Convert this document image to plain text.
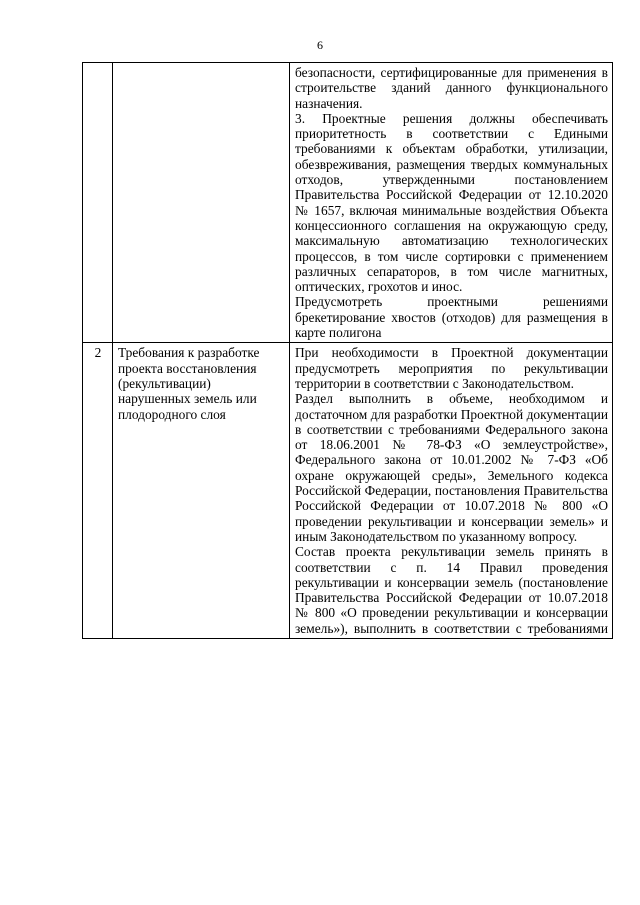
6

		безопасности, сертифицированные для применения в строительстве зданий данного функционального назначения.

3. Проектные решения должны обеспечивать приоритетность в соответствии с Едиными требованиями к объектам обработки, утилизации, обезвреживания, размещения твердых коммунальных отходов, утвержденными постановлением Правительства Российской Федерации от 12.10.2020 № 1657, включая минимальные воздействия Объекта концессионного соглашения на окружающую среду, максимальную автоматизацию технологических процессов, в том числе сортировки с применением различных сепараторов, в том числе магнитных, оптических, грохотов и инос.

Предусмотреть проектными решениями брекетирование хвостов (отходов) для размещения в карте полигона

2	Требования к разработке проекта восстановления (рекультивации) нарушенных земель или плодородного слоя	При необходимости в Проектной документации предусмотреть мероприятия по рекультивации территории в соответствии с Законодательством.

Раздел выполнить в объеме, необходимом и достаточном для разработки Проектной документации в соответствии с требованиями Федерального закона от 18.06.2001 № 78-ФЗ «О землеустройстве», Федерального закона от 10.01.2002 № 7-ФЗ «Об охране окружающей среды», Земельного кодекса Российской Федерации, постановления Правительства Российской Федерации от 10.07.2018 № 800 «О проведении рекультивации и консервации земель» и иным Законодательством по указанному вопросу.

Состав проекта рекультивации земель принять в соответствии с п. 14 Правил проведения рекультивации и консервации земель (постановление Правительства Российской Федерации от 10.07.2018 № 800 «О проведении рекультивации и консервации земель»), выполнить в соответствии с требованиями
